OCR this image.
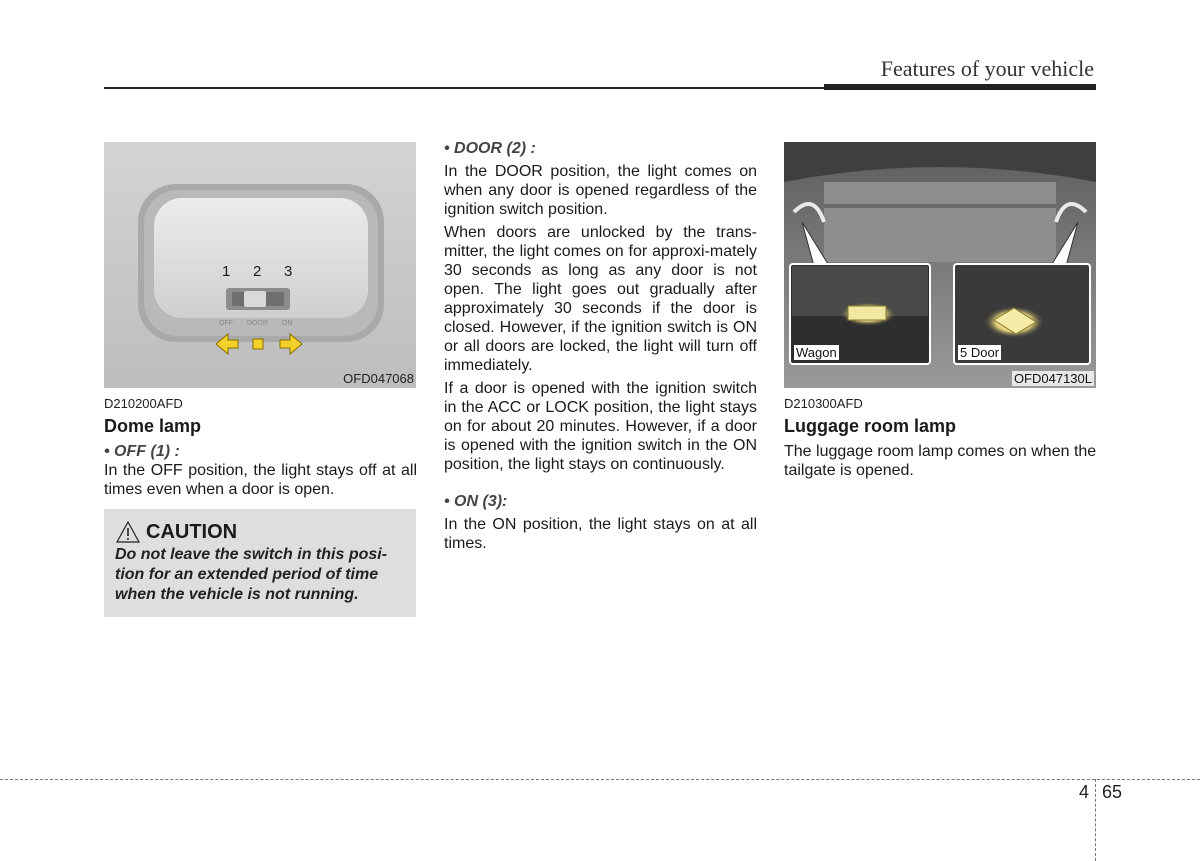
Features of your vehicle
1 2 3
OFF DOOR ON
OFD047068
D210200AFD
Dome lamp

• OFF (1) :

In the OFF position, the light stays off at all times even when a door is open.

CAUTION
Do not leave the switch in this posi-tion for an extended period of time when the vehicle is not running.

• DOOR (2) :

In the DOOR position, the light comes on when any door is opened regardless of the ignition switch position.

When doors are unlocked by the trans-mitter, the light comes on for approxi-mately 30 seconds as long as any door is not open. The light goes out gradually after approximately 30 seconds if the door is closed. However, if the ignition switch is ON or all doors are locked, the light will turn off immediately.

If a door is opened with the ignition switch in the ACC or LOCK position, the light stays on for about 20 minutes. However, if a door is opened with the ignition switch in the ON position, the light stays on continuously.

• ON (3):

In the ON position, the light stays on at all times.

Wagon	5 Door
OFD047130L
D210300AFD
Luggage room lamp

The luggage room lamp comes on when the tailgate is opened.

4 65
